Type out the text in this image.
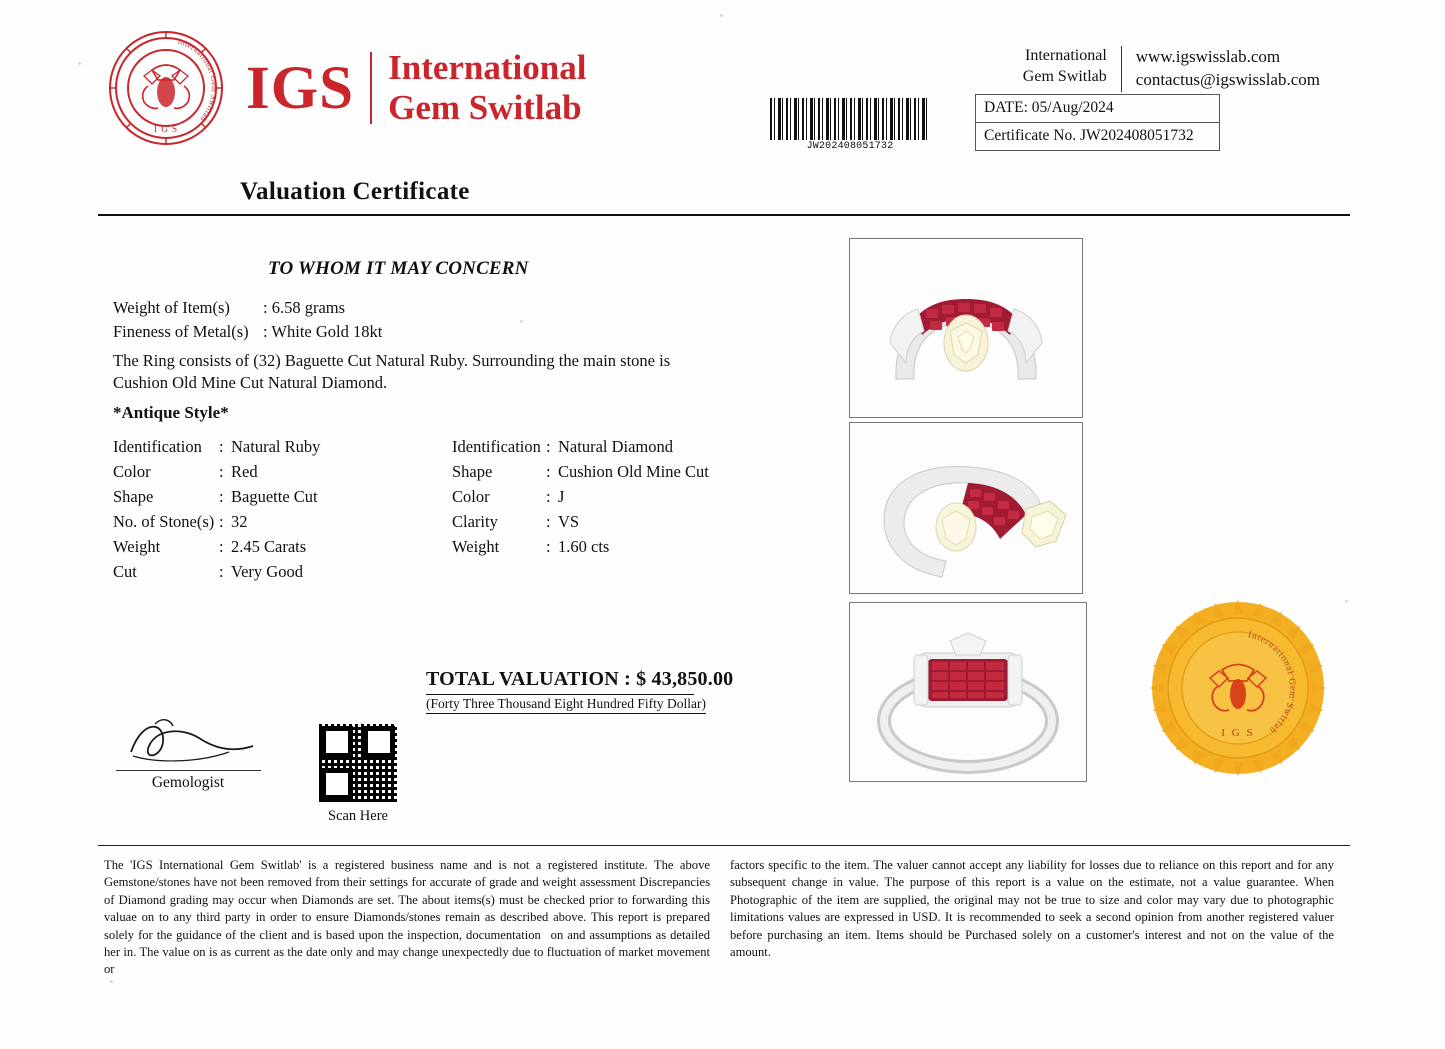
I G S
International Gem Switlab IGS International
Gem Switlab
International
Gem Switlab
www.igswisslab.com
contactus@igswisslab.com
JW202408051732
DATE: 05/Aug/2024
Certificate No. JW202408051732
Valuation Certificate
TO WHOM IT MAY CONCERN
Weight of Item(s) : 6.58 grams
Fineness of Metal(s) : White Gold 18kt
The Ring consists of (32) Baguette Cut Natural Ruby. Surrounding the main stone is Cushion Old Mine Cut Natural Diamond.
*Antique Style*
Identification : Natural Ruby
Color	: Red
Shape	: Baguette Cut
No. of Stone(s) : 32
Weight	: 2.45 Carats
Cut	: Very Good
Identification : Natural Diamond
Shape	: Cushion Old Mine Cut
Color	: J
Clarity	: VS
Weight	: 1.60 cts
TOTAL VALUATION : $ 43,850.00
(Forty Three Thousand Eight Hundred Fifty Dollar)
Gemologist
Scan Here
I G S
International Gem Switlab
The 'IGS International Gem Switlab' is a registered business name and is not a registered institute. The above Gemstone/stones have not been removed from their settings for accurate of grade and weight assessment Discrepancies of Diamond grading may occur when Diamonds are set. The about items(s) must be checked prior to forwarding this valuae on to any third party in order to ensure Diamonds/stones remain as described above. This report is prepared solely for the guidance of the client and is based upon the inspection, documentation on and assumptions as detailed her in. The value on is as current as the date only and may change unexpectedly due to fluctuation of market movement or
factors specific to the item. The valuer cannot accept any liability for losses due to reliance on this report and for any subsequent change in value. The purpose of this report is a value on the estimate, not a value guarantee. When Photographic of the item are supplied, the original may not be true to size and color may vary due to photographic limitations values are expressed in USD. It is recommended to seek a second opinion from another registered valuer before purchasing an item. Items should be Purchased solely on a customer's interest and not on the value of the amount.
